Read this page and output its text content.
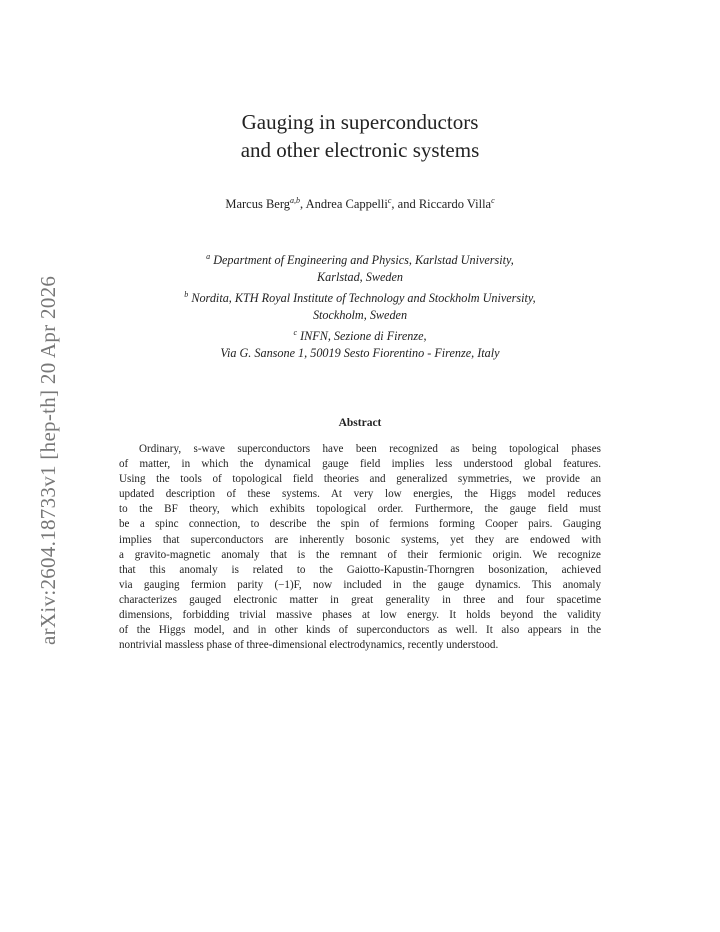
arXiv:2604.18733v1 [hep-th] 20 Apr 2026
Gauging in superconductors
and other electronic systems
Marcus Berg$^{a,b}$, Andrea Cappelli$^c$, and Riccardo Villa$^c$
$^a$ Department of Engineering and Physics, Karlstad University,
Karlstad, Sweden
$^b$ Nordita, KTH Royal Institute of Technology and Stockholm University,
Stockholm, Sweden
$^c$ INFN, Sezione di Firenze,
Via G. Sansone 1, 50019 Sesto Fiorentino - Firenze, Italy
Abstract
Ordinary, s-wave superconductors have been recognized as being topological phases
of matter, in which the dynamical gauge field implies less understood global features.
Using the tools of topological field theories and generalized symmetries, we provide an
updated description of these systems. At very low energies, the Higgs model reduces
to the BF theory, which exhibits topological order. Furthermore, the gauge field must
be a spinc connection, to describe the spin of fermions forming Cooper pairs. Gauging
implies that superconductors are inherently bosonic systems, yet they are endowed with
a gravito-magnetic anomaly that is the remnant of their fermionic origin. We recognize
that this anomaly is related to the Gaiotto-Kapustin-Thorngren bosonization, achieved
via gauging fermion parity (−1)F, now included in the gauge dynamics. This anomaly
characterizes gauged electronic matter in great generality in three and four spacetime
dimensions, forbidding trivial massive phases at low energy. It holds beyond the validity
of the Higgs model, and in other kinds of superconductors as well. It also appears in the
nontrivial massless phase of three-dimensional electrodynamics, recently understood.
